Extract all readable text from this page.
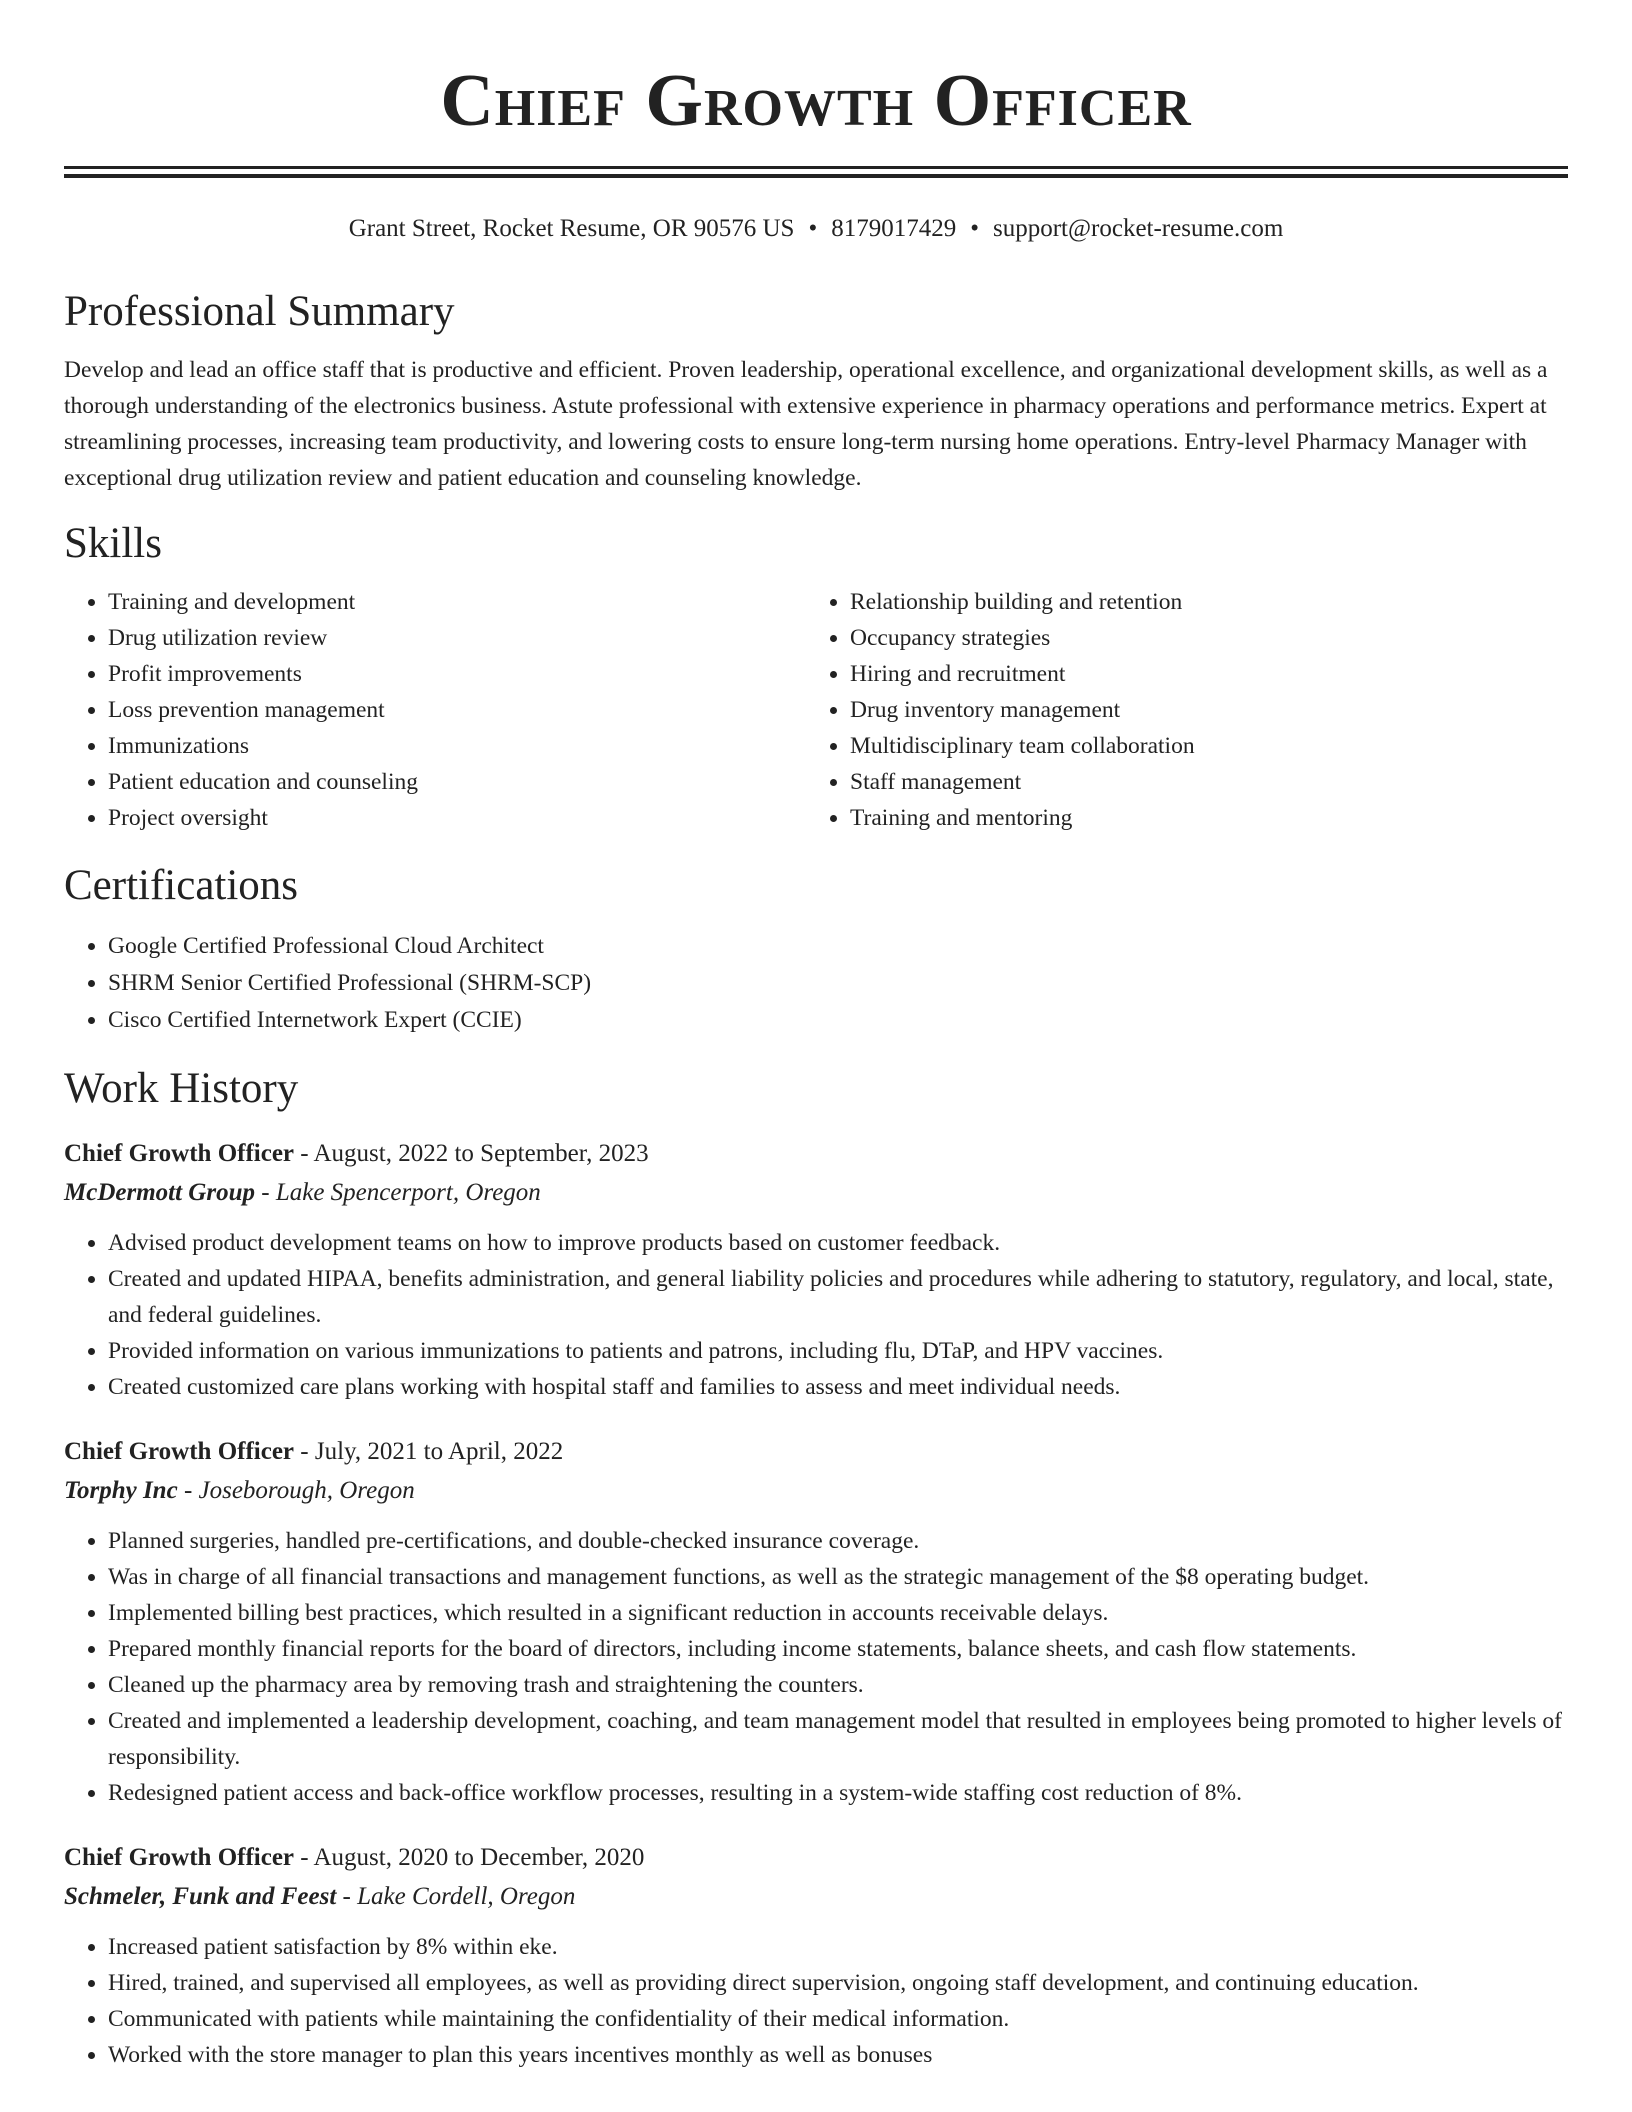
Chief Growth Officer
Grant Street, Rocket Resume, OR 90576 US • 8179017429 • support@rocket-resume.com
Professional Summary
Develop and lead an office staff that is productive and efficient. Proven leadership, operational excellence, and organizational development skills, as well as a thorough understanding of the electronics business. Astute professional with extensive experience in pharmacy operations and performance metrics. Expert at streamlining processes, increasing team productivity, and lowering costs to ensure long-term nursing home operations. Entry-level Pharmacy Manager with exceptional drug utilization review and patient education and counseling knowledge.
Skills
• Training and development
• Drug utilization review
• Profit improvements
• Loss prevention management
• Immunizations
• Patient education and counseling
• Project oversight
• Relationship building and retention
• Occupancy strategies
• Hiring and recruitment
• Drug inventory management
• Multidisciplinary team collaboration
• Staff management
• Training and mentoring
Certifications
• Google Certified Professional Cloud Architect
• SHRM Senior Certified Professional (SHRM-SCP)
• Cisco Certified Internetwork Expert (CCIE)
Work History
Chief Growth Officer - August, 2022 to September, 2023
McDermott Group - Lake Spencerport, Oregon
• Advised product development teams on how to improve products based on customer feedback.
• Created and updated HIPAA, benefits administration, and general liability policies and procedures while adhering to statutory, regulatory, and local, state, and federal guidelines.
• Provided information on various immunizations to patients and patrons, including flu, DTaP, and HPV vaccines.
• Created customized care plans working with hospital staff and families to assess and meet individual needs.
Chief Growth Officer - July, 2021 to April, 2022
Torphy Inc - Joseborough, Oregon
• Planned surgeries, handled pre-certifications, and double-checked insurance coverage.
• Was in charge of all financial transactions and management functions, as well as the strategic management of the $8 operating budget.
• Implemented billing best practices, which resulted in a significant reduction in accounts receivable delays.
• Prepared monthly financial reports for the board of directors, including income statements, balance sheets, and cash flow statements.
• Cleaned up the pharmacy area by removing trash and straightening the counters.
• Created and implemented a leadership development, coaching, and team management model that resulted in employees being promoted to higher levels of responsibility.
• Redesigned patient access and back-office workflow processes, resulting in a system-wide staffing cost reduction of 8%.
Chief Growth Officer - August, 2020 to December, 2020
Schmeler, Funk and Feest - Lake Cordell, Oregon
• Increased patient satisfaction by 8% within eke.
• Hired, trained, and supervised all employees, as well as providing direct supervision, ongoing staff development, and continuing education.
• Communicated with patients while maintaining the confidentiality of their medical information.
• Worked with the store manager to plan this years incentives monthly as well as bonuses
